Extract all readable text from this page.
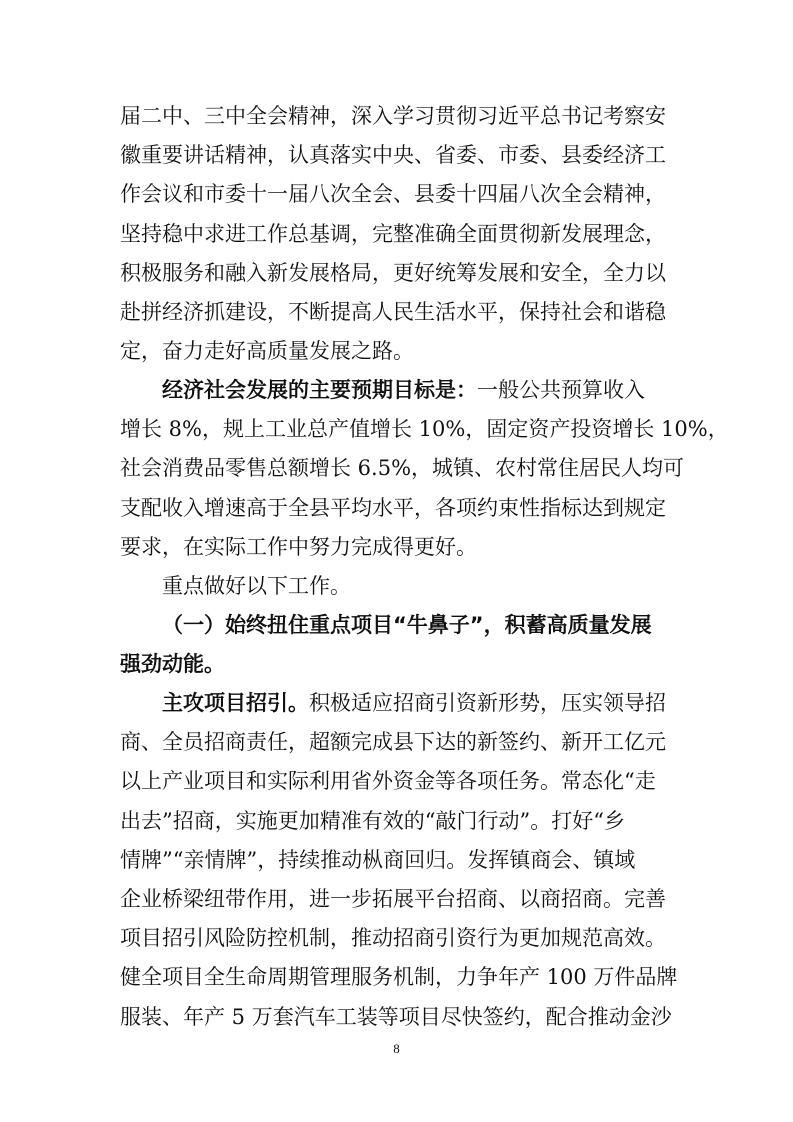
届二中、三中全会精神，深入学习贯彻习近平总书记考察安
徽重要讲话精神，认真落实中央、省委、市委、县委经济工
作会议和市委十一届八次全会、县委十四届八次全会精神，
坚持稳中求进工作总基调，完整准确全面贯彻新发展理念，
积极服务和融入新发展格局，更好统筹发展和安全，全力以
赴拼经济抓建设，不断提高人民生活水平，保持社会和谐稳
定，奋力走好高质量发展之路。
经济社会发展的主要预期目标是：一般公共预算收入
增长 8%，规上工业总产值增长 10%，固定资产投资增长 10%，
社会消费品零售总额增长 6.5%，城镇、农村常住居民人均可
支配收入增速高于全县平均水平，各项约束性指标达到规定
要求，在实际工作中努力完成得更好。
重点做好以下工作。
（一）始终扭住重点项目“牛鼻子”，积蓄高质量发展
强劲动能。
主攻项目招引。积极适应招商引资新形势，压实领导招
商、全员招商责任，超额完成县下达的新签约、新开工亿元
以上产业项目和实际利用省外资金等各项任务。常态化“走
出去”招商，实施更加精准有效的“敲门行动”。打好“乡
情牌”“亲情牌”，持续推动枞商回归。发挥镇商会、镇域
企业桥梁纽带作用，进一步拓展平台招商、以商招商。完善
项目招引风险防控机制，推动招商引资行为更加规范高效。
健全项目全生命周期管理服务机制，力争年产 100 万件品牌
服装、年产 5 万套汽车工装等项目尽快签约，配合推动金沙
8
